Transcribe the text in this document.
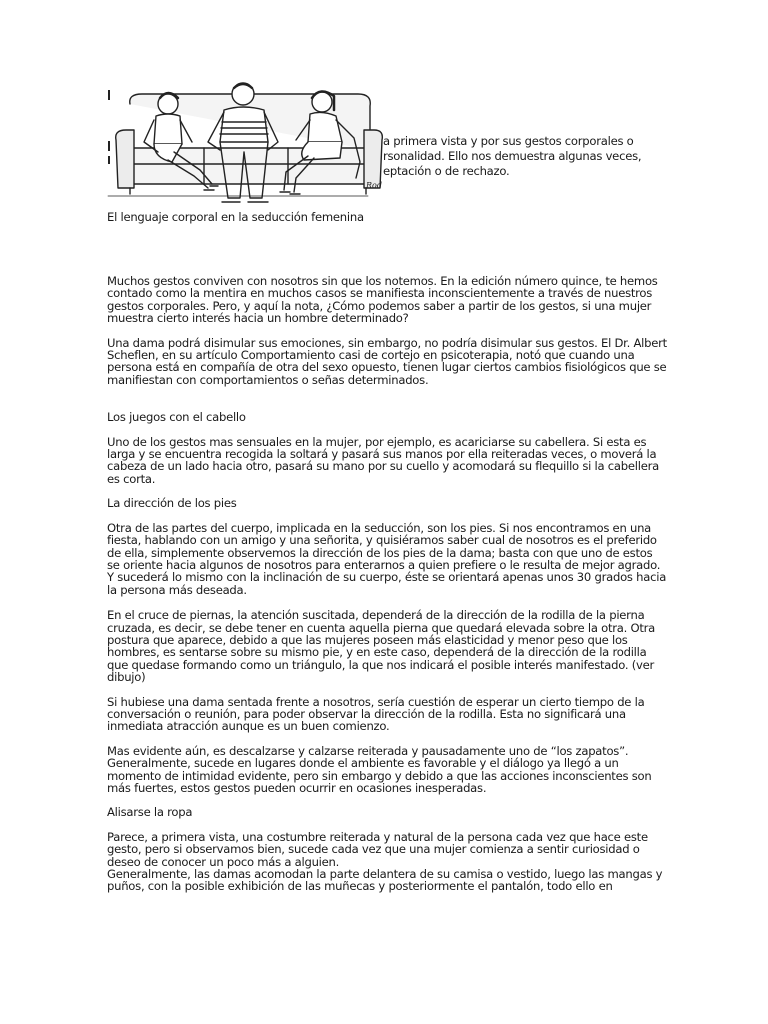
Rod
a primera vista y por sus gestos corporales o
rsonalidad. Ello nos demuestra algunas veces,
eptación o de rechazo.
El lenguaje corporal en la seducción femenina

Muchos gestos conviven con nosotros sin que los notemos. En la edición número quince, te hemos contado como la mentira en muchos casos se manifiesta inconscientemente a través de nuestros gestos corporales. Pero, y aquí la nota, ¿Cómo podemos saber a partir de los gestos, si una mujer muestra cierto interés hacia un hombre determinado?

Una dama podrá disimular sus emociones, sin embargo, no podría disimular sus gestos. El Dr. Albert Scheflen, en su artículo Comportamiento casi de cortejo en psicoterapia, notó que cuando una persona está en compañía de otra del sexo opuesto, tienen lugar ciertos cambios fisiológicos que se manifiestan con comportamientos o señas determinados.

Los juegos con el cabello

Uno de los gestos mas sensuales en la mujer, por ejemplo, es acariciarse su cabellera. Si esta es larga y se encuentra recogida la soltará y pasará sus manos por ella reiteradas veces, o moverá la cabeza de un lado hacia otro, pasará su mano por su cuello y acomodará su flequillo si la cabellera es corta.

La dirección de los pies

Otra de las partes del cuerpo, implicada en la seducción, son los pies. Si nos encontramos en una fiesta, hablando con un amigo y una señorita, y quisiéramos saber cual de nosotros es el preferido de ella, simplemente observemos la dirección de los pies de la dama; basta con que uno de estos se oriente hacia algunos de nosotros para enterarnos a quien prefiere o le resulta de mejor agrado. Y sucederá lo mismo con la inclinación de su cuerpo, éste se orientará apenas unos 30 grados hacia la persona más deseada.

En el cruce de piernas, la atención suscitada, dependerá de la dirección de la rodilla de la pierna cruzada, es decir, se debe tener en cuenta aquella pierna que quedará elevada sobre la otra. Otra postura que aparece, debido a que las mujeres poseen más elasticidad y menor peso que los hombres, es sentarse sobre su mismo pie, y en este caso, dependerá de la dirección de la rodilla que quedase formando como un triángulo, la que nos indicará el posible interés manifestado. (ver dibujo)

Si hubiese una dama sentada frente a nosotros, sería cuestión de esperar un cierto tiempo de la conversación o reunión, para poder observar la dirección de la rodilla. Esta no significará una inmediata atracción aunque es un buen comienzo.

Mas evidente aún, es descalzarse y calzarse reiterada y pausadamente uno de “los zapatos”. Generalmente, sucede en lugares donde el ambiente es favorable y el diálogo ya llegó a un momento de intimidad evidente, pero sin embargo y debido a que las acciones inconscientes son más fuertes, estos gestos pueden ocurrir en ocasiones inesperadas.

Alisarse la ropa

Parece, a primera vista, una costumbre reiterada y natural de la persona cada vez que hace este gesto, pero si observamos bien, sucede cada vez que una mujer comienza a sentir curiosidad o deseo de conocer un poco más a alguien.

Generalmente, las damas acomodan la parte delantera de su camisa o vestido, luego las mangas y puños, con la posible exhibición de las muñecas y posteriormente el pantalón, todo ello en
